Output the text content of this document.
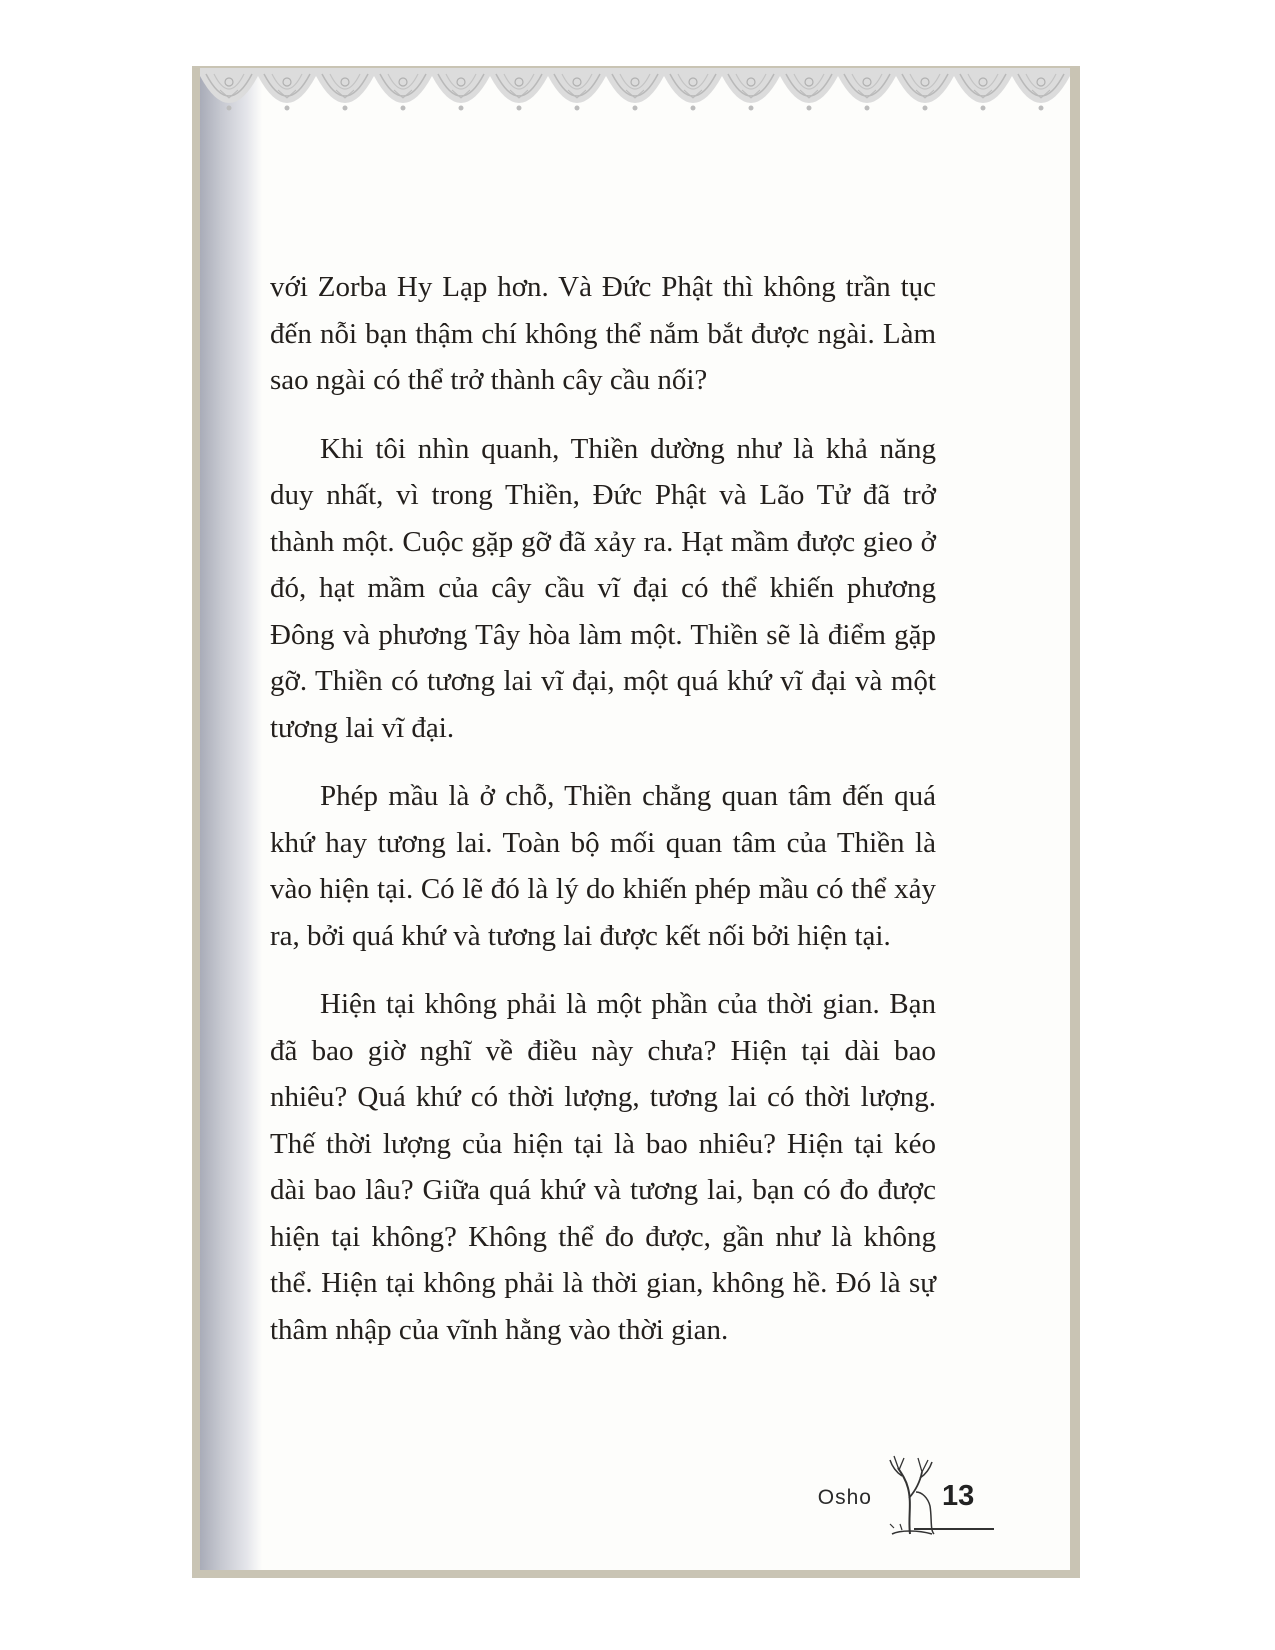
với Zorba Hy Lạp hơn. Và Đức Phật thì không trần tục đến nỗi bạn thậm chí không thể nắm bắt được ngài. Làm sao ngài có thể trở thành cây cầu nối?

Khi tôi nhìn quanh, Thiền dường như là khả năng duy nhất, vì trong Thiền, Đức Phật và Lão Tử đã trở thành một. Cuộc gặp gỡ đã xảy ra. Hạt mầm được gieo ở đó, hạt mầm của cây cầu vĩ đại có thể khiến phương Đông và phương Tây hòa làm một. Thiền sẽ là điểm gặp gỡ. Thiền có tương lai vĩ đại, một quá khứ vĩ đại và một tương lai vĩ đại.

Phép mầu là ở chỗ, Thiền chẳng quan tâm đến quá khứ hay tương lai. Toàn bộ mối quan tâm của Thiền là vào hiện tại. Có lẽ đó là lý do khiến phép mầu có thể xảy ra, bởi quá khứ và tương lai được kết nối bởi hiện tại.

Hiện tại không phải là một phần của thời gian. Bạn đã bao giờ nghĩ về điều này chưa? Hiện tại dài bao nhiêu? Quá khứ có thời lượng, tương lai có thời lượng. Thế thời lượng của hiện tại là bao nhiêu? Hiện tại kéo dài bao lâu? Giữa quá khứ và tương lai, bạn có đo được hiện tại không? Không thể đo được, gần như là không thể. Hiện tại không phải là thời gian, không hề. Đó là sự thâm nhập của vĩnh hằng vào thời gian.

Osho 13
